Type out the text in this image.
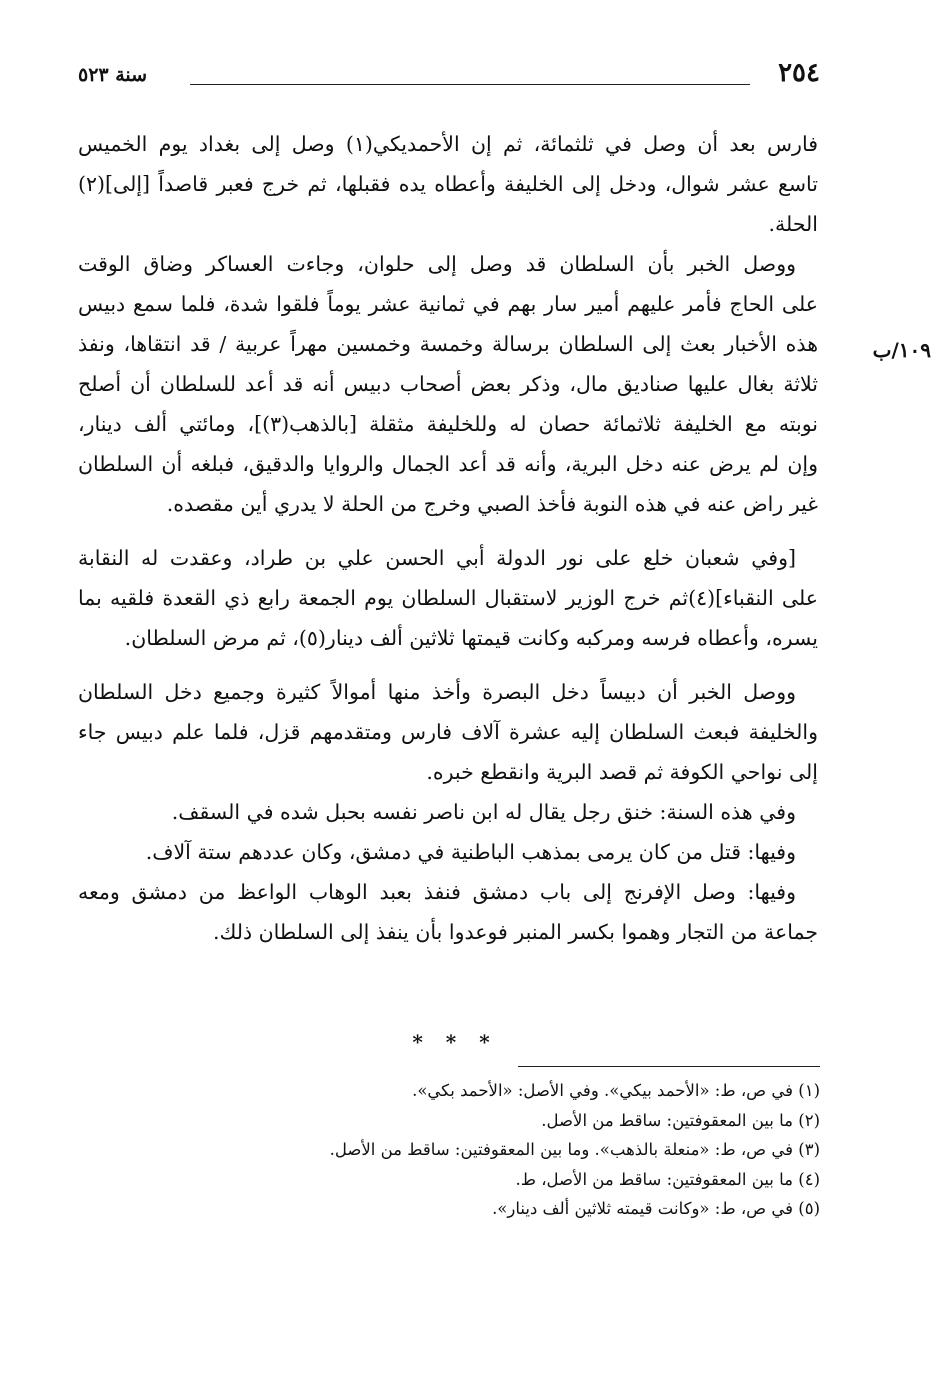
٢٥٤
سنة ٥٢٣
١٠٩/ب
فارس بعد أن وصل في ثلثمائة، ثم إن الأحمديكي(١) وصل إلى بغداد يوم الخميس
تاسع عشر شوال، ودخل إلى الخليفة وأعطاه يده فقبلها، ثم خرج فعبر قاصداً [إلى](٢)
الحلة.
ووصل الخبر بأن السلطان قد وصل إلى حلوان، وجاءت العساكر وضاق الوقت
على الحاج فأمر عليهم أمير سار بهم في ثمانية عشر يوماً فلقوا شدة، فلما سمع دبيس
هذه الأخبار بعث إلى السلطان برسالة وخمسة وخمسين مهراً عربية / قد انتقاها، ونفذ
ثلاثة بغال عليها صناديق مال، وذكر بعض أصحاب دبيس أنه قد أعد للسلطان أن أصلح
نوبته مع الخليفة ثلاثمائة حصان له وللخليفة مثقلة [بالذهب(٣)]، ومائتي ألف دينار،
وإن لم يرض عنه دخل البرية، وأنه قد أعد الجمال والروايا والدقيق، فبلغه أن السلطان
غير راض عنه في هذه النوبة فأخذ الصبي وخرج من الحلة لا يدري أين مقصده.
[وفي شعبان خلع على نور الدولة أبي الحسن علي بن طراد، وعقدت له النقابة
على النقباء](٤)ثم خرج الوزير لاستقبال السلطان يوم الجمعة رابع ذي القعدة فلقيه بما
يسره، وأعطاه فرسه ومركبه وكانت قيمتها ثلاثين ألف دينار(٥)، ثم مرض السلطان.
ووصل الخبر أن دبيساً دخل البصرة وأخذ منها أموالاً كثيرة وجميع دخل السلطان
والخليفة فبعث السلطان إليه عشرة آلاف فارس ومتقدمهم قزل، فلما علم دبيس جاء
إلى نواحي الكوفة ثم قصد البرية وانقطع خبره.
وفي هذه السنة: خنق رجل يقال له ابن ناصر نفسه بحبل شده في السقف.
وفيها: قتل من كان يرمى بمذهب الباطنية في دمشق، وكان عددهم ستة آلاف.
وفيها: وصل الإفرنج إلى باب دمشق فنفذ بعبد الوهاب الواعظ من دمشق ومعه
جماعة من التجار وهموا بكسر المنبر فوعدوا بأن ينفذ إلى السلطان ذلك.
* * *
(١) في ص، ط: «الأحمد بيكي». وفي الأصل: «الأحمد بكي».
(٢) ما بين المعقوفتين: ساقط من الأصل.
(٣) في ص، ط: «منعلة بالذهب». وما بين المعقوفتين: ساقط من الأصل.
(٤) ما بين المعقوفتين: ساقط من الأصل، ط.
(٥) في ص، ط: «وكانت قيمته ثلاثين ألف دينار».
